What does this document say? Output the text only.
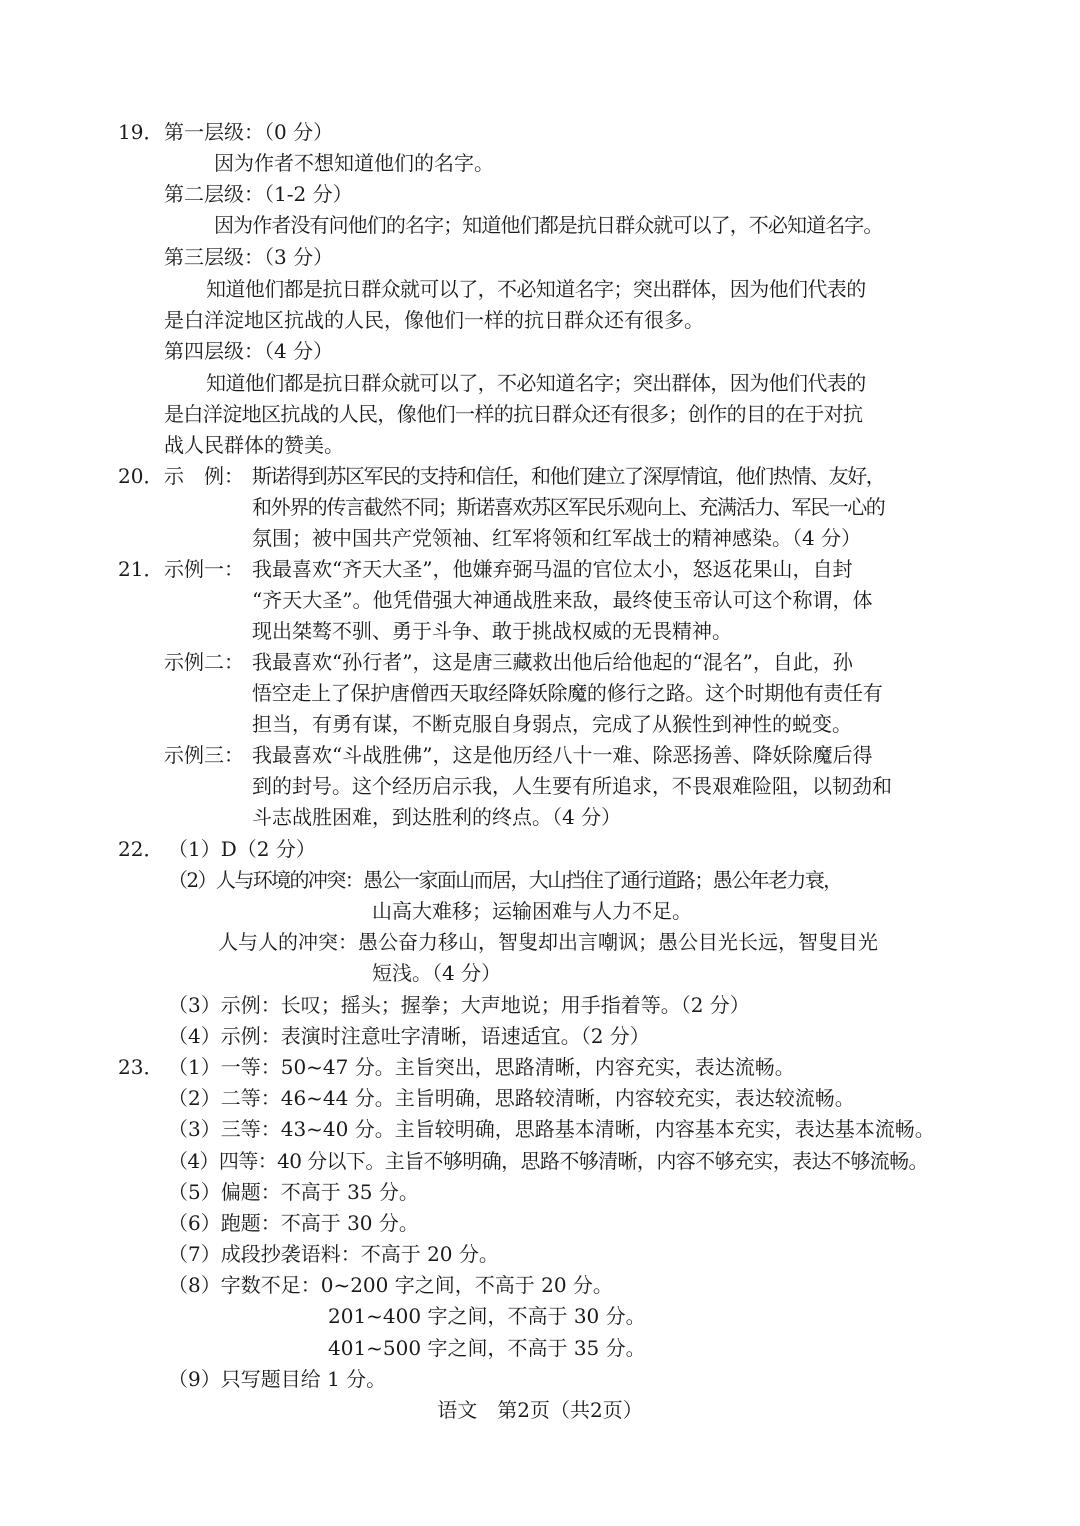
19． 第一层级：（0 分）
因为作者不想知道他们的名字。
第二层级：（1-2 分）
因为作者没有问他们的名字；知道他们都是抗日群众就可以了，不必知道名字。
第三层级：（3 分）
知道他们都是抗日群众就可以了，不必知道名字；突出群体，因为他们代表的
是白洋淀地区抗战的人民，像他们一样的抗日群众还有很多。
第四层级：（4 分）
知道他们都是抗日群众就可以了，不必知道名字；突出群体，因为他们代表的
是白洋淀地区抗战的人民，像他们一样的抗日群众还有很多；创作的目的在于对抗
战人民群体的赞美。
20． 示　例： 斯诺得到苏区军民的支持和信任，和他们建立了深厚情谊，他们热情、友好，
和外界的传言截然不同；斯诺喜欢苏区军民乐观向上、充满活力、军民一心的
氛围；被中国共产党领袖、红军将领和红军战士的精神感染。（4 分）
21． 示例一： 我最喜欢“齐天大圣”，他嫌弃弼马温的官位太小，怒返花果山，自封
“齐天大圣”。他凭借强大神通战胜来敌，最终使玉帝认可这个称谓，体
现出桀骜不驯、勇于斗争、敢于挑战权威的无畏精神。
示例二： 我最喜欢“孙行者”，这是唐三藏救出他后给他起的“混名”，自此，孙
悟空走上了保护唐僧西天取经降妖除魔的修行之路。这个时期他有责任有
担当，有勇有谋，不断克服自身弱点，完成了从猴性到神性的蜕变。
示例三： 我最喜欢“斗战胜佛”，这是他历经八十一难、除恶扬善、降妖除魔后得
到的封号。这个经历启示我，人生要有所追求，不畏艰难险阻，以韧劲和
斗志战胜困难，到达胜利的终点。（4 分）
22． （1）D（2 分）
（2）人与环境的冲突：愚公一家面山而居，大山挡住了通行道路；愚公年老力衰，
山高大难移；运输困难与人力不足。
人与人的冲突：愚公奋力移山，智叟却出言嘲讽；愚公目光长远，智叟目光
短浅。（4 分）
（3）示例：长叹；摇头；握拳；大声地说；用手指着等。（2 分）
（4）示例：表演时注意吐字清晰，语速适宜。（2 分）
23． （1）一等：50~47 分。主旨突出，思路清晰，内容充实，表达流畅。
（2）二等：46~44 分。主旨明确，思路较清晰，内容较充实，表达较流畅。
（3）三等：43~40 分。主旨较明确，思路基本清晰，内容基本充实，表达基本流畅。
（4）四等：40 分以下。主旨不够明确，思路不够清晰，内容不够充实，表达不够流畅。
（5）偏题：不高于 35 分。
（6）跑题：不高于 30 分。
（7）成段抄袭语料：不高于 20 分。
（8）字数不足：0~200 字之间，不高于 20 分。
201~400 字之间，不高于 30 分。
401~500 字之间，不高于 35 分。
（9）只写题目给 1 分。
语文　第2页（共2页）
